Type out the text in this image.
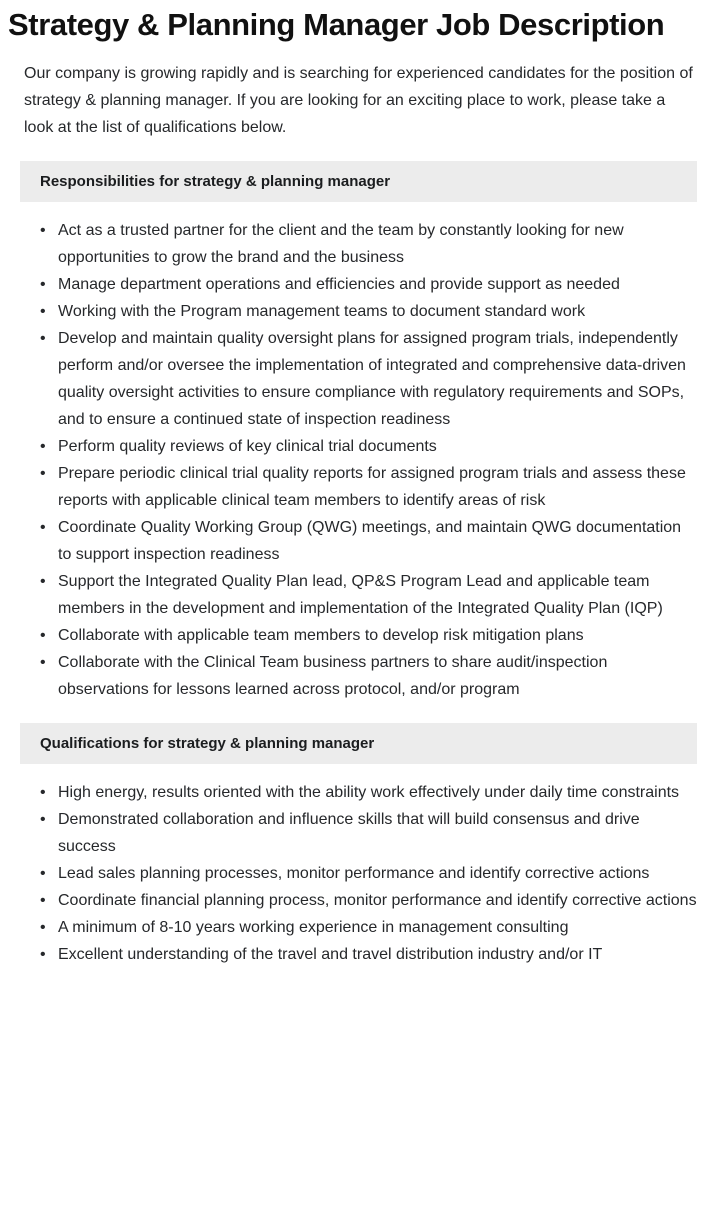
Strategy & Planning Manager Job Description

Our company is growing rapidly and is searching for experienced candidates for the position of strategy & planning manager. If you are looking for an exciting place to work, please take a look at the list of qualifications below.

Responsibilities for strategy & planning manager
• Act as a trusted partner for the client and the team by constantly looking for new opportunities to grow the brand and the business
• Manage department operations and efficiencies and provide support as needed
• Working with the Program management teams to document standard work
• Develop and maintain quality oversight plans for assigned program trials, independently perform and/or oversee the implementation of integrated and comprehensive data-driven quality oversight activities to ensure compliance with regulatory requirements and SOPs, and to ensure a continued state of inspection readiness
• Perform quality reviews of key clinical trial documents
• Prepare periodic clinical trial quality reports for assigned program trials and assess these reports with applicable clinical team members to identify areas of risk
• Coordinate Quality Working Group (QWG) meetings, and maintain QWG documentation to support inspection readiness
• Support the Integrated Quality Plan lead, QP&S Program Lead and applicable team members in the development and implementation of the Integrated Quality Plan (IQP)
• Collaborate with applicable team members to develop risk mitigation plans
• Collaborate with the Clinical Team business partners to share audit/inspection observations for lessons learned across protocol, and/or program
Qualifications for strategy & planning manager
• High energy, results oriented with the ability work effectively under daily time constraints
• Demonstrated collaboration and influence skills that will build consensus and drive success
• Lead sales planning processes, monitor performance and identify corrective actions
• Coordinate financial planning process, monitor performance and identify corrective actions
• A minimum of 8-10 years working experience in management consulting
• Excellent understanding of the travel and travel distribution industry and/or IT
